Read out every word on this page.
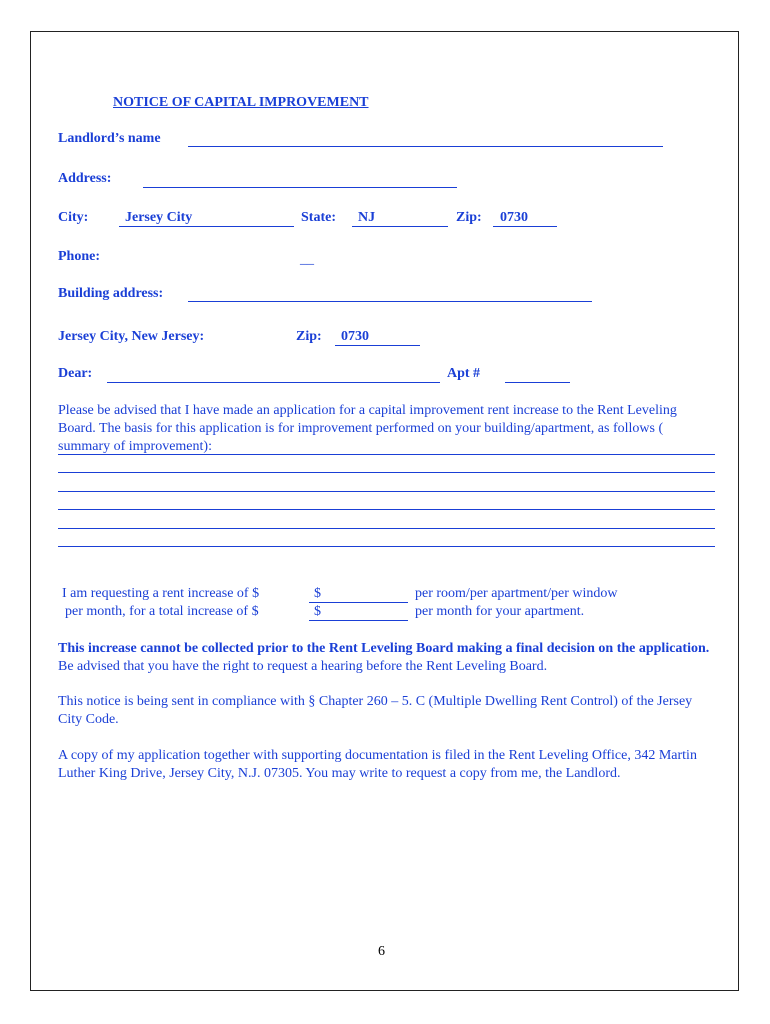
NOTICE OF CAPITAL IMPROVEMENT
Landlord’s name
Address:
City:	Jersey City	State: NJ	Zip: 0730
Phone:	__
Building address:
Jersey City, New Jersey:	Zip: 0730
Dear:	Apt #
Please be advised that I have made an application for a capital improvement rent increase to the Rent Leveling Board. The basis for this application is for improvement performed on your building/apartment, as follows ( summary of improvement):
I am requesting a rent increase of $	$	per room/per apartment/per window
per month, for a total increase of $	$	per month for your apartment.
This increase cannot be collected prior to the Rent Leveling Board making a final decision on the application. Be advised that you have the right to request a hearing before the Rent Leveling Board.
This notice is being sent in compliance with § Chapter 260 – 5. C (Multiple Dwelling Rent Control) of the Jersey City Code.
A copy of my application together with supporting documentation is filed in the Rent Leveling Office, 342 Martin Luther King Drive, Jersey City, N.J. 07305. You may write to request a copy from me, the Landlord.
6
